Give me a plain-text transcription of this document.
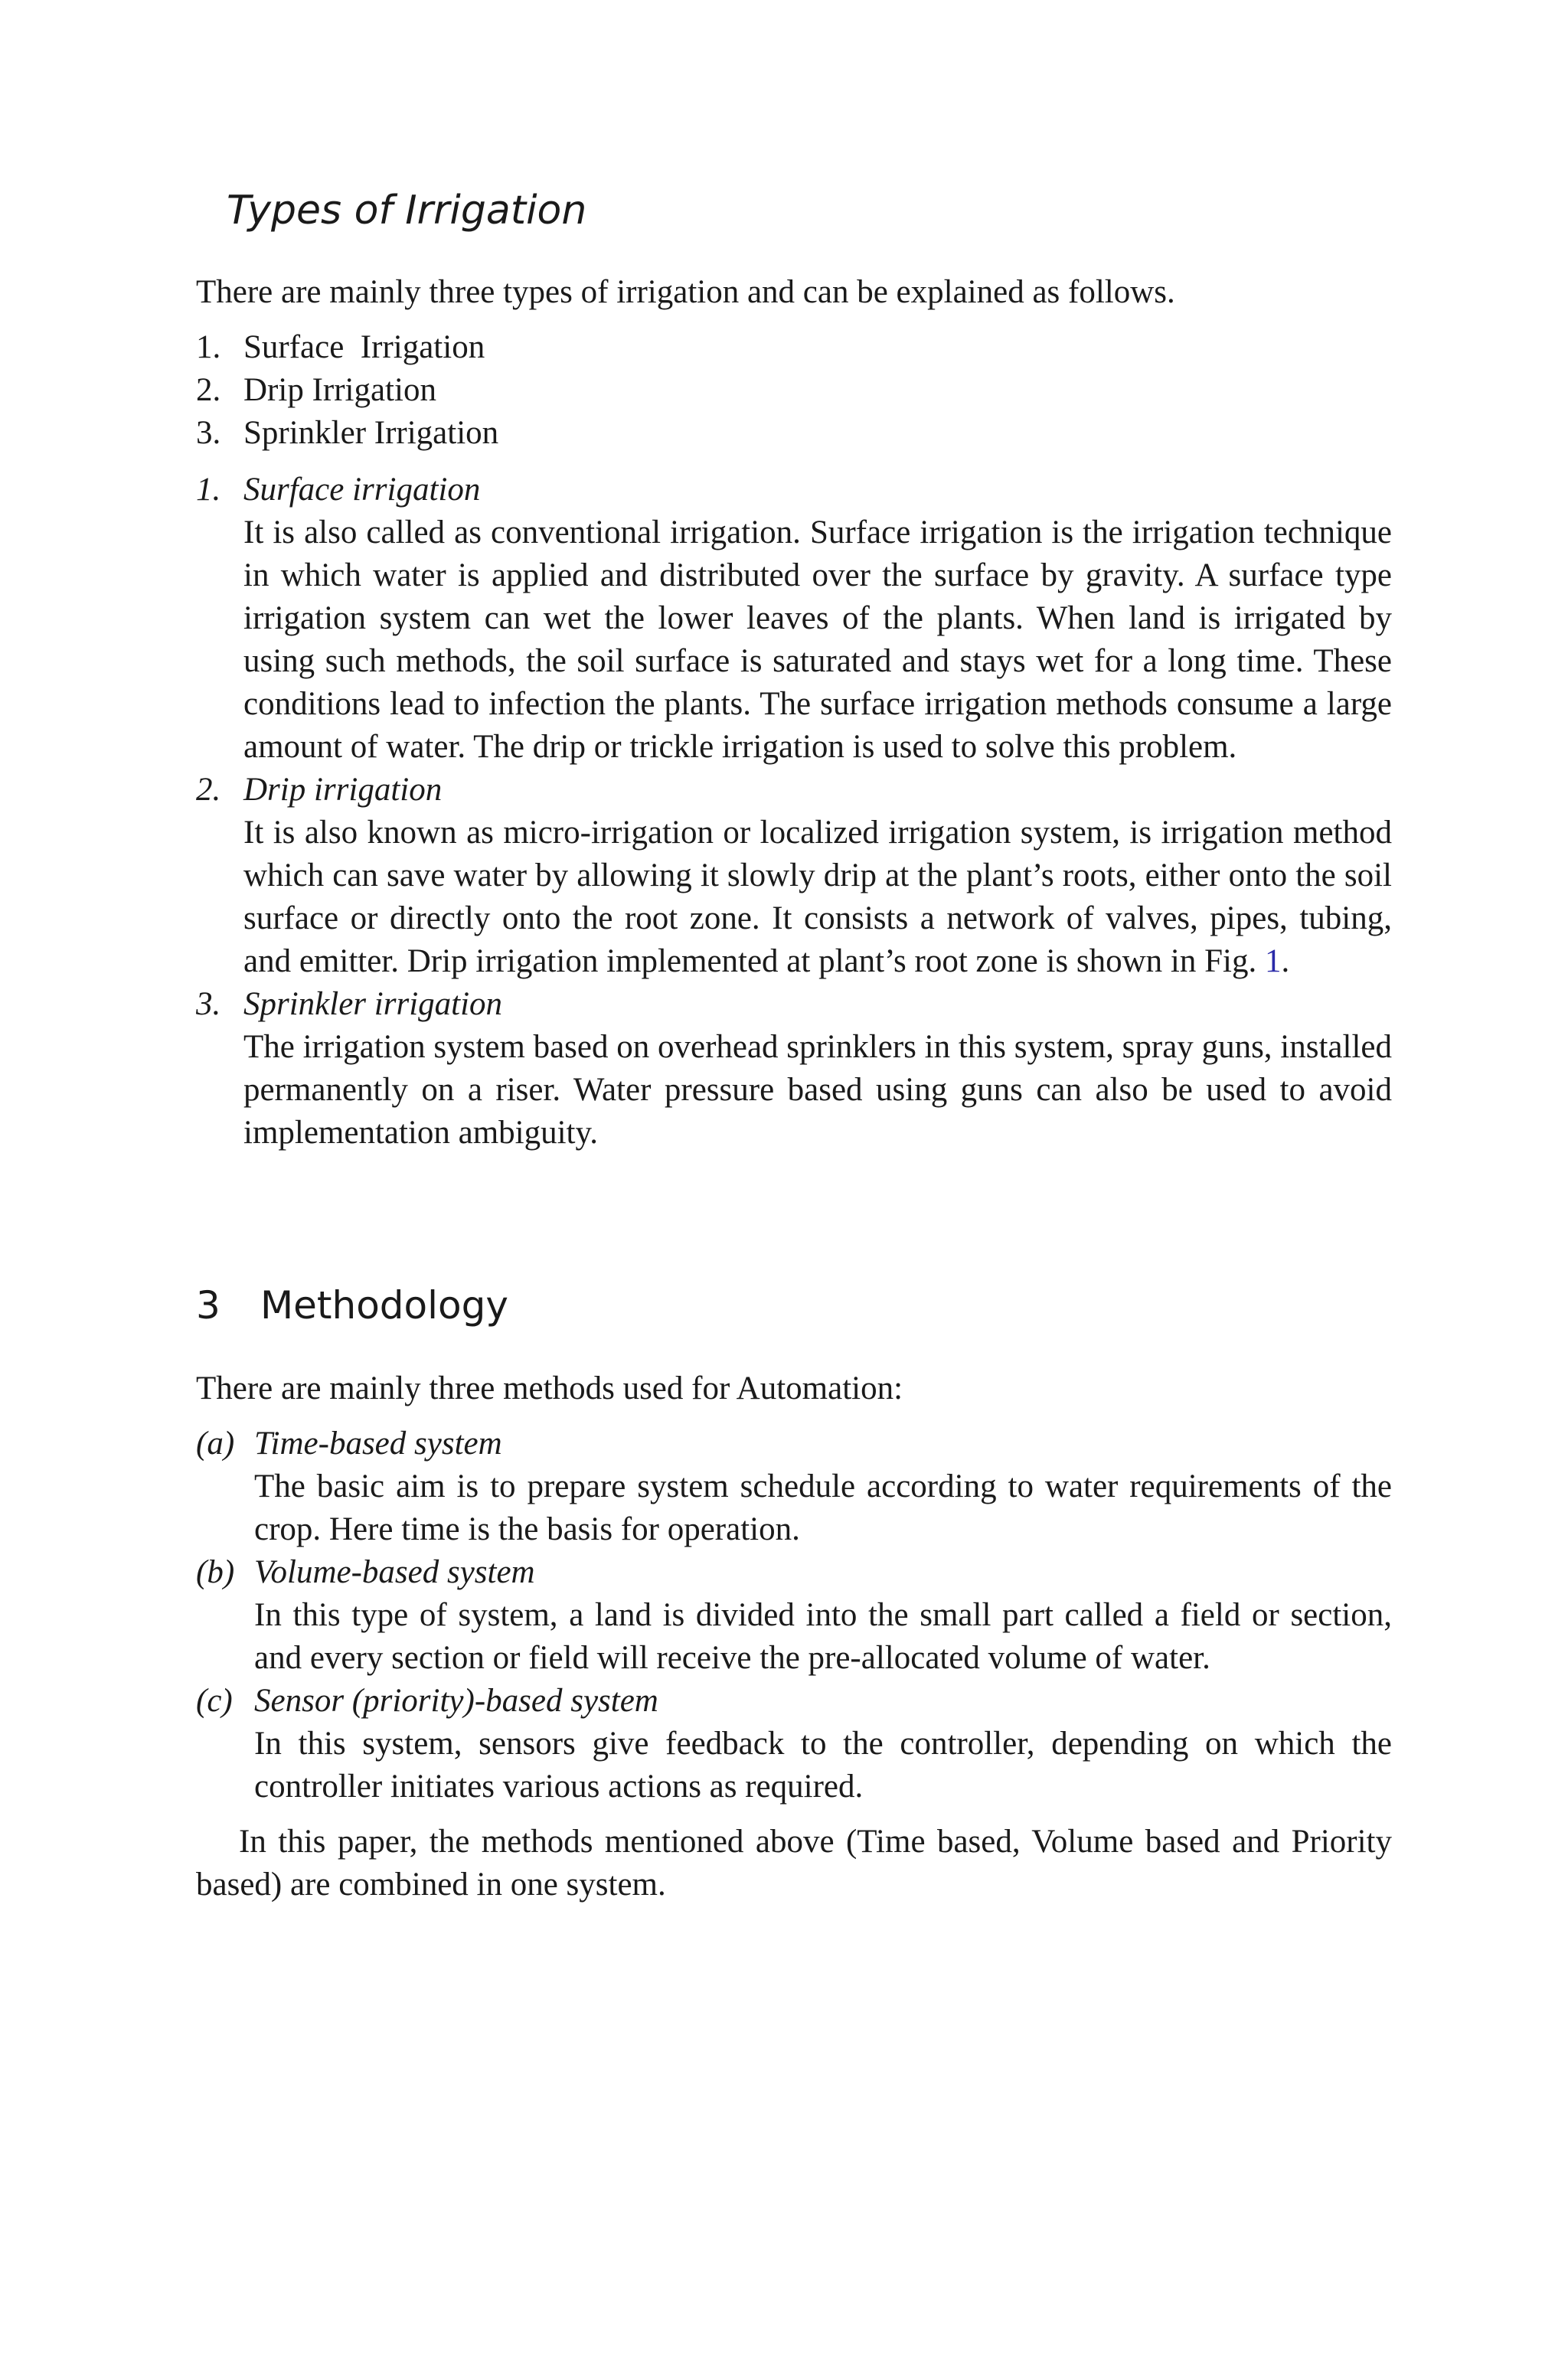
Types of Irrigation

There are mainly three types of irrigation and can be explained as follows.

1. Surface  Irrigation
2. Drip Irrigation
3. Sprinkler Irrigation
1. Surface irrigation
It is also called as conventional irrigation. Surface irrigation is the irrigation technique in which water is applied and distributed over the surface by gravity. A surface type irrigation system can wet the lower leaves of the plants. When land is irrigated by using such methods, the soil surface is saturated and stays wet for a long time. These conditions lead to infection the plants. The surface irrigation methods consume a large amount of water. The drip or trickle irrigation is used to solve this problem.
2. Drip irrigation
It is also known as micro-irrigation or localized irrigation system, is irrigation method which can save water by allowing it slowly drip at the plant’s roots, either onto the soil surface or directly onto the root zone. It consists a network of valves, pipes, tubing, and emitter. Drip irrigation implemented at plant’s root zone is shown in Fig. 1.
3. Sprinkler irrigation
The irrigation system based on overhead sprinklers in this system, spray guns, installed permanently on a riser. Water pressure based using guns can also be used to avoid implementation ambiguity.
3	Methodology

There are mainly three methods used for Automation:

(a) Time-based system
The basic aim is to prepare system schedule according to water requirements of the crop. Here time is the basis for operation.
(b) Volume-based system
In this type of system, a land is divided into the small part called a field or section, and every section or field will receive the pre-allocated volume of water.
(c) Sensor (priority)-based system
In this system, sensors give feedback to the controller, depending on which the controller initiates various actions as required.

In this paper, the methods mentioned above (Time based, Volume based and Priority based) are combined in one system.
